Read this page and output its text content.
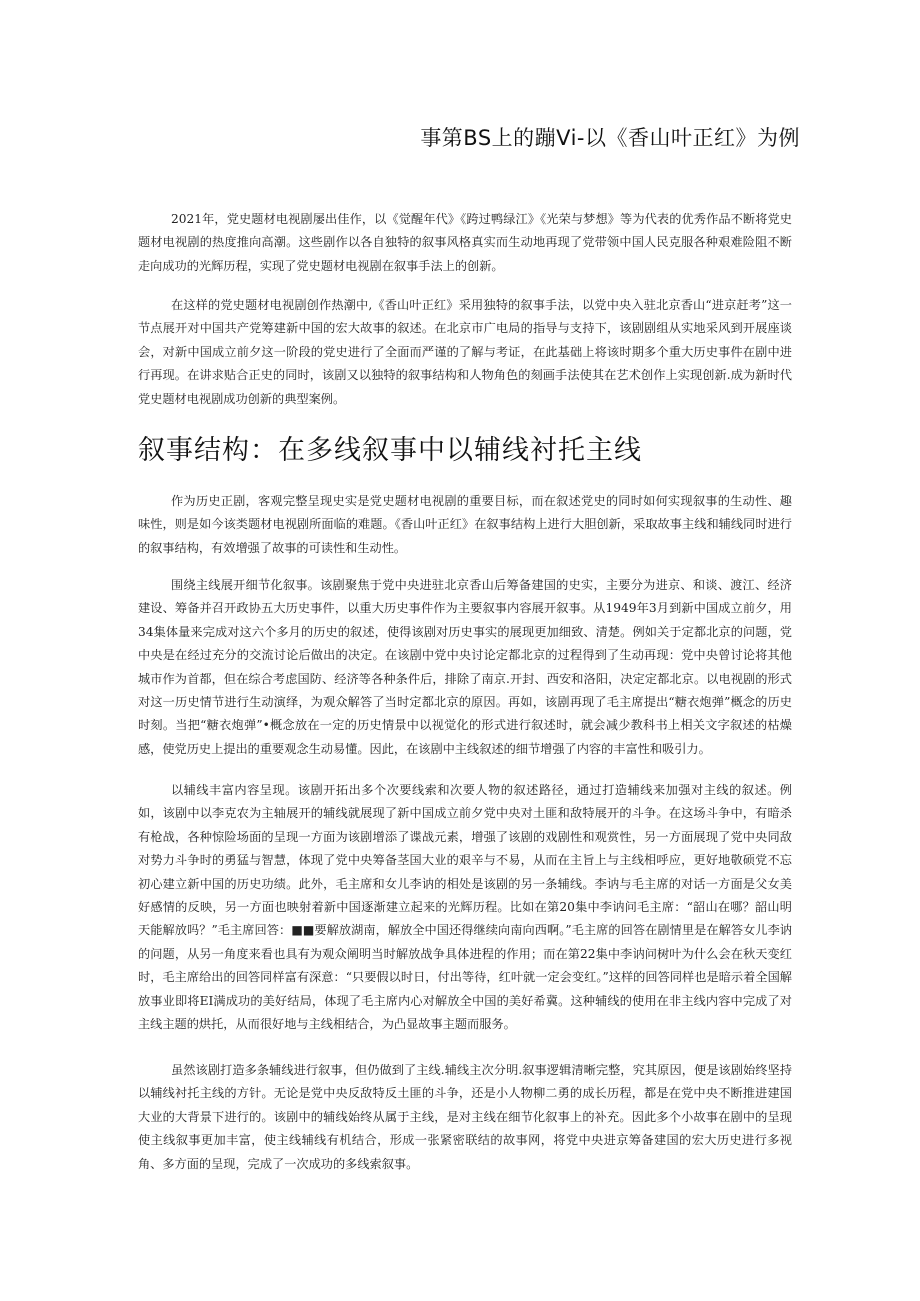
事第BS上的蹦Vi-以《香山叶正红》为例

2021年，党史题材电视剧屡出佳作，以《觉醒年代》《跨过鸭绿江》《光荣与梦想》等为代表的优秀作品不断将党史题材电视剧的热度推向高潮。这些剧作以各自独特的叙事风格真实而生动地再现了党带领中国人民克服各种艰难险阻不断走向成功的光辉历程，实现了党史题材电视剧在叙事手法上的创新。

在这样的党史题材电视剧创作热潮中,《香山叶正红》采用独特的叙事手法，以党中央入驻北京香山“进京赶考”这一节点展开对中国共产党筹建新中国的宏大故事的叙述。在北京市广电局的指导与支持下，该剧剧组从实地采风到开展座谈会，对新中国成立前夕这一阶段的党史进行了全面而严谨的了解与考证，在此基础上将该时期多个重大历史事件在剧中进行再现。在讲求贴合正史的同时，该剧又以独特的叙事结构和人物角色的刻画手法使其在艺术创作上实现创新.成为新时代党史题材电视剧成功创新的典型案例。

叙事结构：在多线叙事中以辅线衬托主线

作为历史正剧，客观完整呈现史实是党史题材电视剧的重要目标，而在叙述党史的同时如何实现叙事的生动性、趣味性，则是如今该类题材电视剧所面临的难题。《香山叶正红》在叙事结构上进行大胆创新，采取故事主线和辅线同时进行的叙事结构，有效增强了故事的可读性和生动性。

围绕主线展开细节化叙事。该剧聚焦于党中央进驻北京香山后筹备建国的史实，主要分为进京、和谈、渡江、经济建设、筹备并召开政协五大历史事件，以重大历史事件作为主要叙事内容展开叙事。从1949年3月到新中国成立前夕，用34集体量来完成对这六个多月的历史的叙述，使得该剧对历史事实的展现更加细致、清楚。例如关于定都北京的问题，党中央是在经过充分的交流讨论后做出的决定。在该剧中党中央讨论定都北京的过程得到了生动再现：党中央曾讨论将其他城市作为首都，但在综合考虑国防、经济等各种条件后，排除了南京.开封、西安和洛阳，决定定都北京。以电视剧的形式对这一历史情节进行生动演绎，为观众解答了当时定都北京的原因。再如，该剧再现了毛主席提出“糖衣炮弹”概念的历史时刻。当把“糖衣炮弹”•概念放在一定的历史情景中以视觉化的形式进行叙述时，就会减少教科书上相关文字叙述的枯燥感，使党历史上提出的重要观念生动易懂。因此，在该剧中主线叙述的细节增强了内容的丰富性和吸引力。

以辅线丰富内容呈现。该剧开拓出多个次要线索和次要人物的叙述路径，通过打造辅线来加强对主线的叙述。例如，该剧中以李克农为主轴展开的辅线就展现了新中国成立前夕党中央对土匪和敌特展开的斗争。在这场斗争中，有暗杀有枪战，各种惊险场面的呈现一方面为该剧增添了谍战元素，增强了该剧的戏剧性和观赏性，另一方面展现了党中央同敌对势力斗争时的勇猛与智慧，体现了党中央筹备茎国大业的艰辛与不易，从而在主旨上与主线相呼应，更好地敬硕党不忘初心建立新中国的历史功绩。此外，毛主席和女儿李讷的相处是该剧的另一条辅线。李讷与毛主席的对话一方面是父女美好感情的反映，另一方面也映射着新中国逐渐建立起来的光辉历程。比如在第20集中李讷问毛主席：“韶山在哪？韶山明天能解放吗？”毛主席回答：■■要解放湖南，解放全中国还得继续向南向西啊。”毛主席的回答在剧情里是在解答女儿李讷的问题，从另一角度来看也具有为观众阐明当时解放战争具体进程的作用；而在第22集中李讷问树叶为什么会在秋天变红时，毛主席给出的回答同样富有深意：“只要假以时日，付出等待，红叶就一定会变红。”这样的回答同样也是暗示着全国解放事业即将EI满成功的美好结局，体现了毛主席内心对解放全中国的美好希冀。这种辅线的使用在非主线内容中完成了对主线主题的烘托，从而很好地与主线相结合，为凸显故事主题而服务。

虽然该剧打造多条辅线进行叙事，但仍做到了主线.辅线主次分明.叙事逻辑清晰完整，究其原因，便是该剧始终坚持以辅线衬托主线的方针。无论是党中央反敌特反土匪的斗争，还是小人物柳二勇的成长历程，都是在党中央不断推进建国大业的大背景下进行的。该剧中的辅线始终从属于主线，是对主线在细节化叙事上的补充。因此多个小故事在剧中的呈现使主线叙事更加丰富，使主线辅线有机结合，形成一张紧密联结的故事网，将党中央进京筹备建国的宏大历史进行多视角、多方面的呈现，完成了一次成功的多线索叙事。
